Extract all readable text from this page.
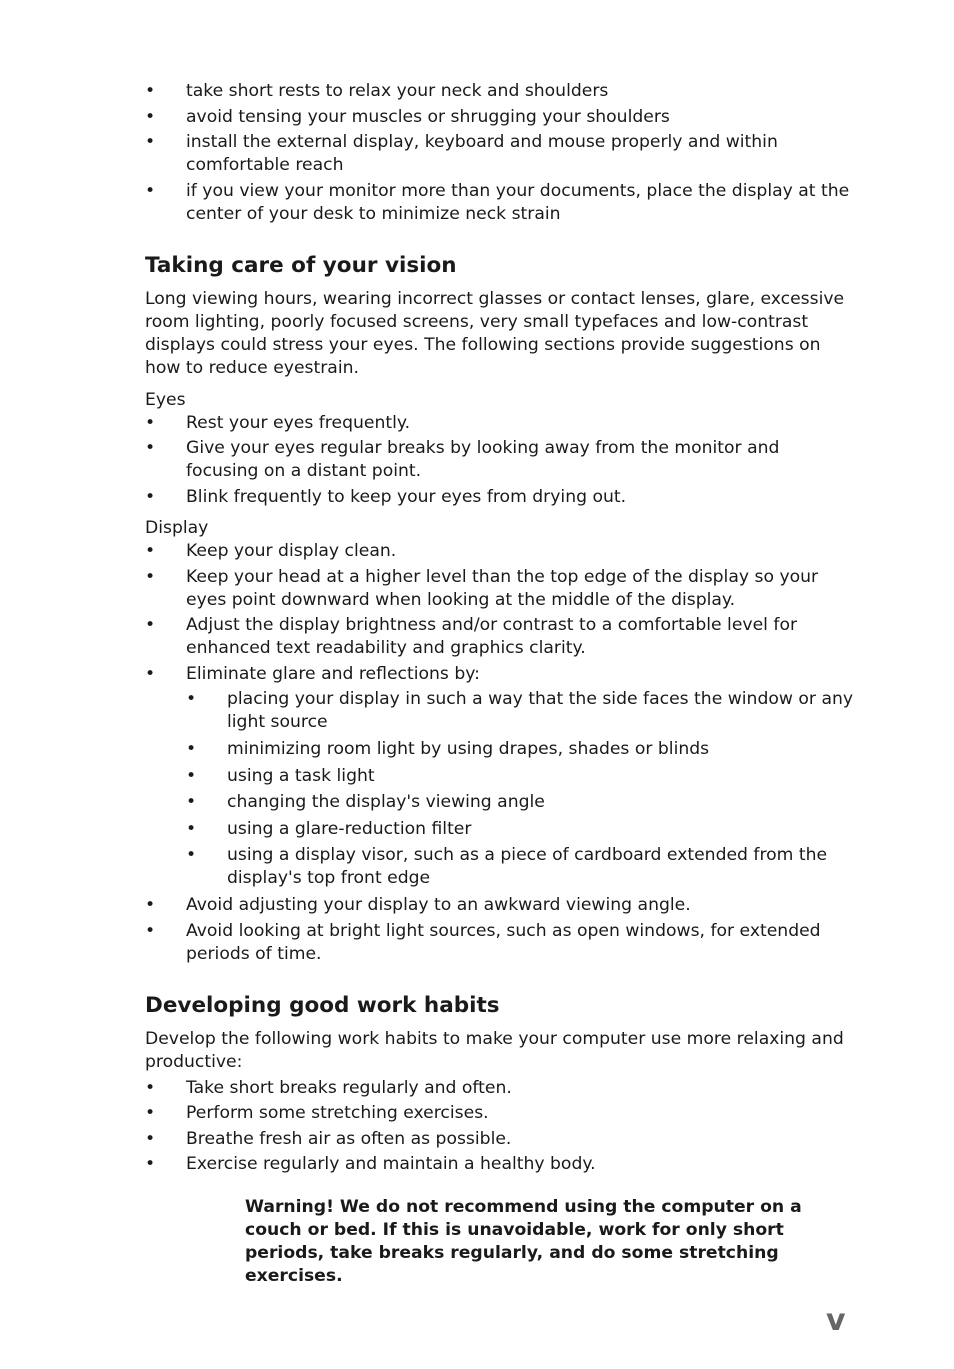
• take short rests to relax your neck and shoulders
• avoid tensing your muscles or shrugging your shoulders
• install the external display, keyboard and mouse properly and within comfortable reach
• if you view your monitor more than your documents, place the display at the center of your desk to minimize neck strain
Taking care of your vision

Long viewing hours, wearing incorrect glasses or contact lenses, glare, excessive room lighting, poorly focused screens, very small typefaces and low-contrast displays could stress your eyes. The following sections provide suggestions on how to reduce eyestrain.

Eyes

• Rest your eyes frequently.
• Give your eyes regular breaks by looking away from the monitor and focusing on a distant point.
• Blink frequently to keep your eyes from drying out.

Display

• Keep your display clean.
• Keep your head at a higher level than the top edge of the display so your eyes point downward when looking at the middle of the display.
• Adjust the display brightness and/or contrast to a comfortable level for enhanced text readability and graphics clarity.
• Eliminate glare and reflections by:
• placing your display in such a way that the side faces the window or any light source
• minimizing room light by using drapes, shades or blinds
• using a task light
• changing the display's viewing angle
• using a glare-reduction filter
• using a display visor, such as a piece of cardboard extended from the display's top front edge
• Avoid adjusting your display to an awkward viewing angle.
• Avoid looking at bright light sources, such as open windows, for extended periods of time.
Developing good work habits

Develop the following work habits to make your computer use more relaxing and productive:

• Take short breaks regularly and often.
• Perform some stretching exercises.
• Breathe fresh air as often as possible.
• Exercise regularly and maintain a healthy body.
Warning! We do not recommend using the computer on a couch or bed. If this is unavoidable, work for only short periods, take breaks regularly, and do some stretching exercises.
v
